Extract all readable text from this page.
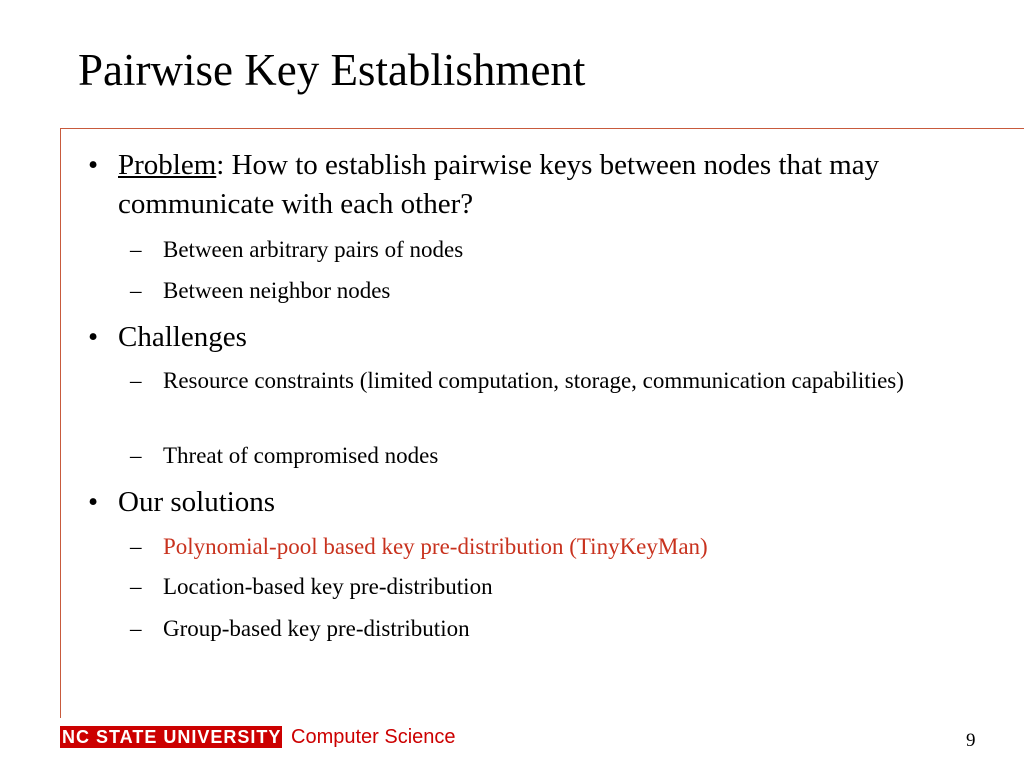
Pairwise Key Establishment
• Problem: How to establish pairwise keys between nodes that may communicate with each other?
– Between arbitrary pairs of nodes
– Between neighbor nodes
• Challenges
– Resource constraints (limited computation, storage, communication capabilities)
– Threat of compromised nodes
• Our solutions
– Polynomial-pool based key pre-distribution (TinyKeyMan)
– Location-based key pre-distribution
– Group-based key pre-distribution
NC STATE UNIVERSITY Computer Science	9
